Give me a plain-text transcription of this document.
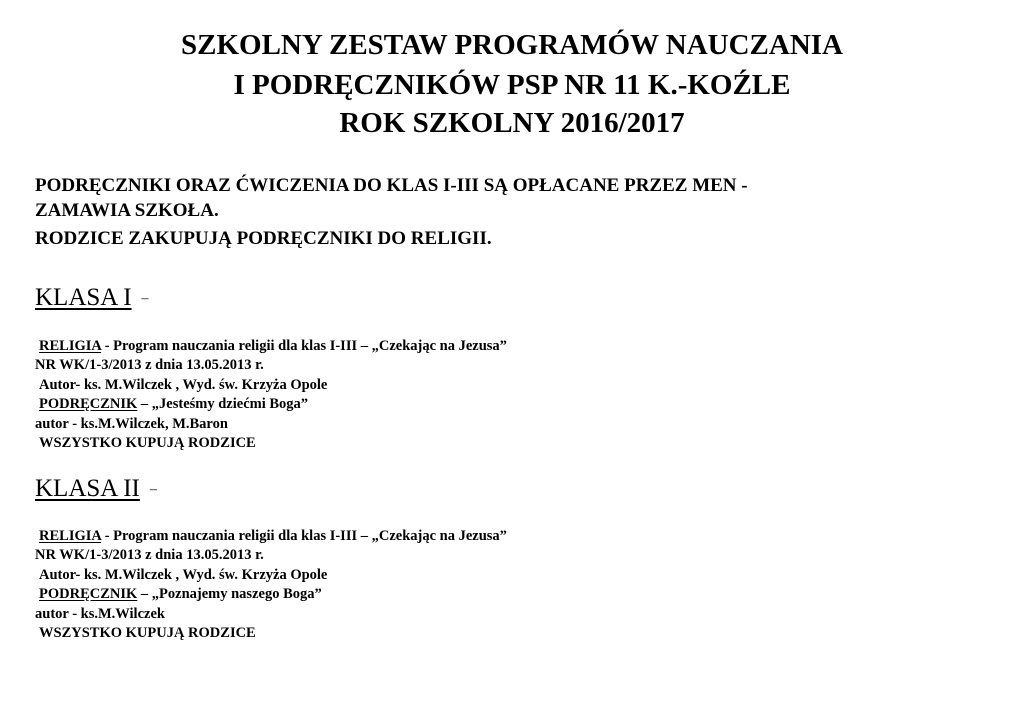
SZKOLNY ZESTAW PROGRAMÓW NAUCZANIA
I PODRĘCZNIKÓW PSP NR 11 K.-KOŹLE
ROK SZKOLNY 2016/2017
PODRĘCZNIKI ORAZ ĆWICZENIA DO KLAS I-III SĄ OPŁACANE PRZEZ MEN -
ZAMAWIA SZKOŁA.
RODZICE ZAKUPUJĄ PODRĘCZNIKI DO RELIGII.
KLASA I –
RELIGIA - Program nauczania religii dla klas I-III – „Czekając na Jezusa”
NR WK/1-3/2013 z dnia 13.05.2013 r.
Autor- ks. M.Wilczek , Wyd. św. Krzyża Opole
PODRĘCZNIK – „Jesteśmy dziećmi Boga”
autor - ks.M.Wilczek, M.Baron
WSZYSTKO KUPUJĄ RODZICE
KLASA II –
RELIGIA - Program nauczania religii dla klas I-III – „Czekając na Jezusa”
NR WK/1-3/2013 z dnia 13.05.2013 r.
Autor- ks. M.Wilczek , Wyd. św. Krzyża Opole
PODRĘCZNIK – „Poznajemy naszego Boga”
autor - ks.M.Wilczek
WSZYSTKO KUPUJĄ RODZICE
